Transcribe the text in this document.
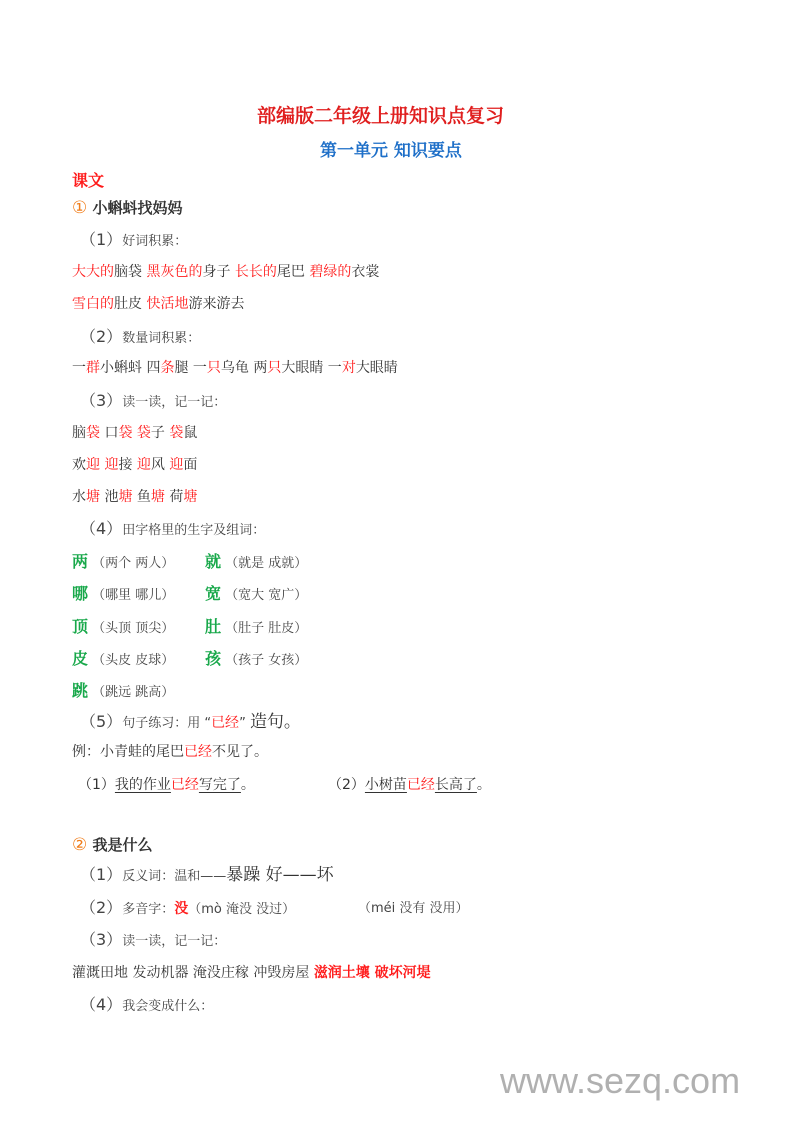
部编版二年级上册知识点复习
第一单元 知识要点
课文
① 小蝌蚪找妈妈
（1）好词积累：
大大的脑袋 黑灰色的身子 长长的尾巴 碧绿的衣裳
雪白的肚皮 快活地游来游去
（2）数量词积累：
一群小蝌蚪 四条腿 一只乌龟 两只大眼睛 一对大眼睛
（3）读一读，记一记：
脑袋 口袋 袋子 袋鼠
欢迎 迎接 迎风 迎面
水塘 池塘 鱼塘 荷塘
（4）田字格里的生字及组词：
两 （两个 两人） 就 （就是 成就）
哪 （哪里 哪儿） 宽 （宽大 宽广）
顶 （头顶 顶尖） 肚 （肚子 肚皮）
皮 （头皮 皮球） 孩 （孩子 女孩）
跳 （跳远 跳高）
（5）句子练习：用 “已经” 造句。
例：小青蛙的尾巴已经不见了。
（1）我的作业已经写完了。	（2）小树苗已经长高了。
② 我是什么
（1）反义词：温和——暴躁 好——坏
（2）多音字：没（mò 淹没 没过）	（méi 没有 没用）
（3）读一读，记一记：
灌溉田地 发动机器 淹没庄稼 冲毁房屋 滋润土壤 破坏河堤
（4）我会变成什么：
www.sezq.com
